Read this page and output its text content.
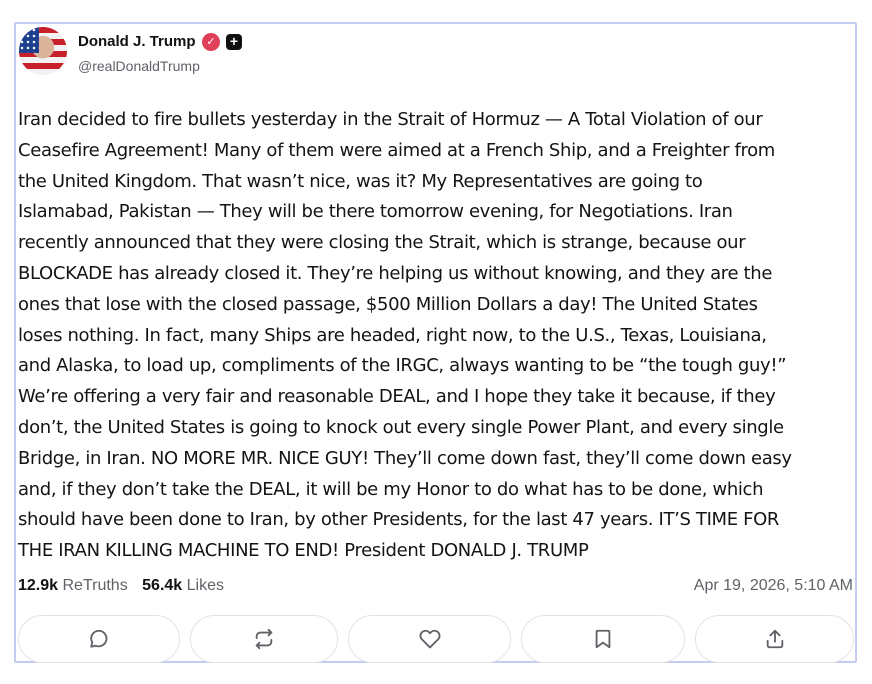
Donald J. Trump ✓	+
@realDonaldTrump
Iran decided to fire bullets yesterday in the Strait of Hormuz — A Total Violation of our
Ceasefire Agreement! Many of them were aimed at a French Ship, and a Freighter from
the United Kingdom. That wasn’t nice, was it? My Representatives are going to
Islamabad, Pakistan — They will be there tomorrow evening, for Negotiations. Iran
recently announced that they were closing the Strait, which is strange, because our
BLOCKADE has already closed it. They’re helping us without knowing, and they are the
ones that lose with the closed passage, $500 Million Dollars a day! The United States
loses nothing. In fact, many Ships are headed, right now, to the U.S., Texas, Louisiana,
and Alaska, to load up, compliments of the IRGC, always wanting to be “the tough guy!”
We’re offering a very fair and reasonable DEAL, and I hope they take it because, if they
don’t, the United States is going to knock out every single Power Plant, and every single
Bridge, in Iran. NO MORE MR. NICE GUY! They’ll come down fast, they’ll come down easy
and, if they don’t take the DEAL, it will be my Honor to do what has to be done, which
should have been done to Iran, by other Presidents, for the last 47 years. IT’S TIME FOR
THE IRAN KILLING MACHINE TO END! President DONALD J. TRUMP
12.9k ReTruths 56.4k Likes	Apr 19, 2026, 5:10 AM
